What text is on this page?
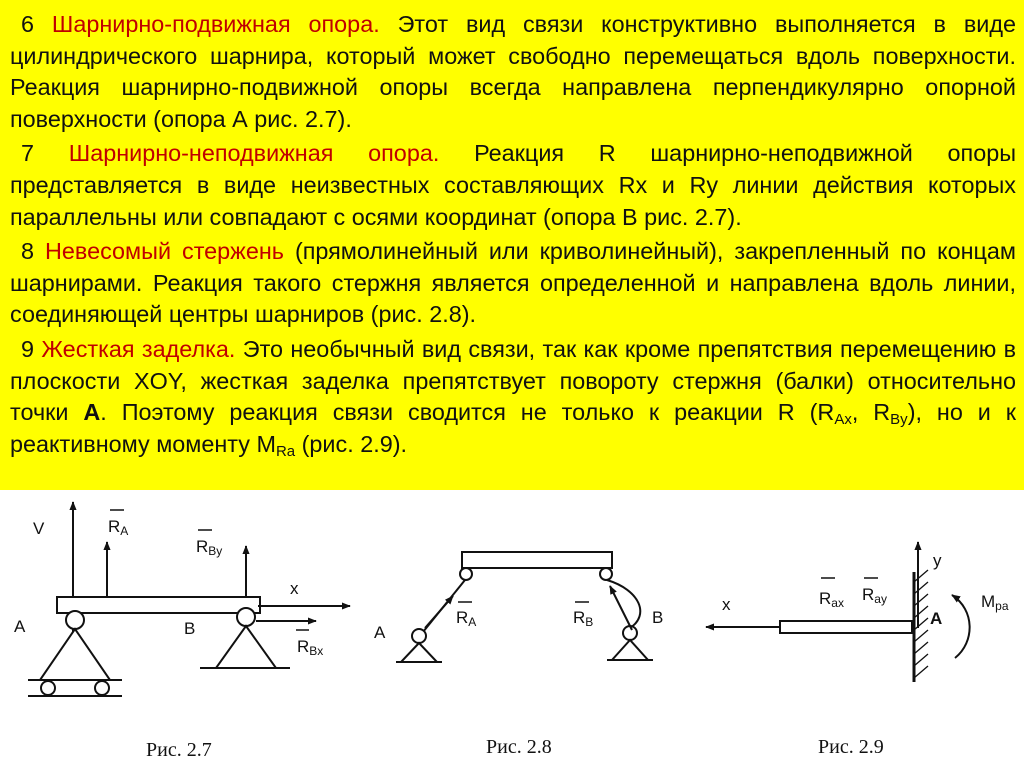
6 Шарнирно-подвижная опора. Этот вид связи конструктивно выполняется в виде цилиндрического шарнира, который может свободно перемещаться вдоль поверхности. Реакция шарнирно-подвижной опоры всегда направлена перпендикулярно опорной поверхности (опора А рис. 2.7).

7 Шарнирно-неподвижная опора. Реакция R шарнирно-неподвижной опоры представляется в виде неизвестных составляющих Rx и Ry линии действия которых параллельны или совпадают с осями координат (опора В рис. 2.7).

8 Невесомый стержень (прямолинейный или криволинейный), закрепленный по концам шарнирами. Реакция такого стержня является определенной и направлена вдоль линии, соединяющей центры шарниров (рис. 2.8).

9 Жесткая заделка. Это необычный вид связи, так как кроме препятствия перемещению в плоскости XOY, жесткая заделка препятствует повороту стержня (балки) относительно точки А. Поэтому реакция связи сводится не только к реакции R ($R_{Ax}$, $R_{By}$), но и к реактивному моменту $M_{Ra}$ (рис. 2.9).

V	RA
RBy
x
A	B
RBx
Рис. 2.7
A
RA	RB	B
Рис. 2.8
y
x	Rax Ray
A
Mpa
Рис. 2.9
